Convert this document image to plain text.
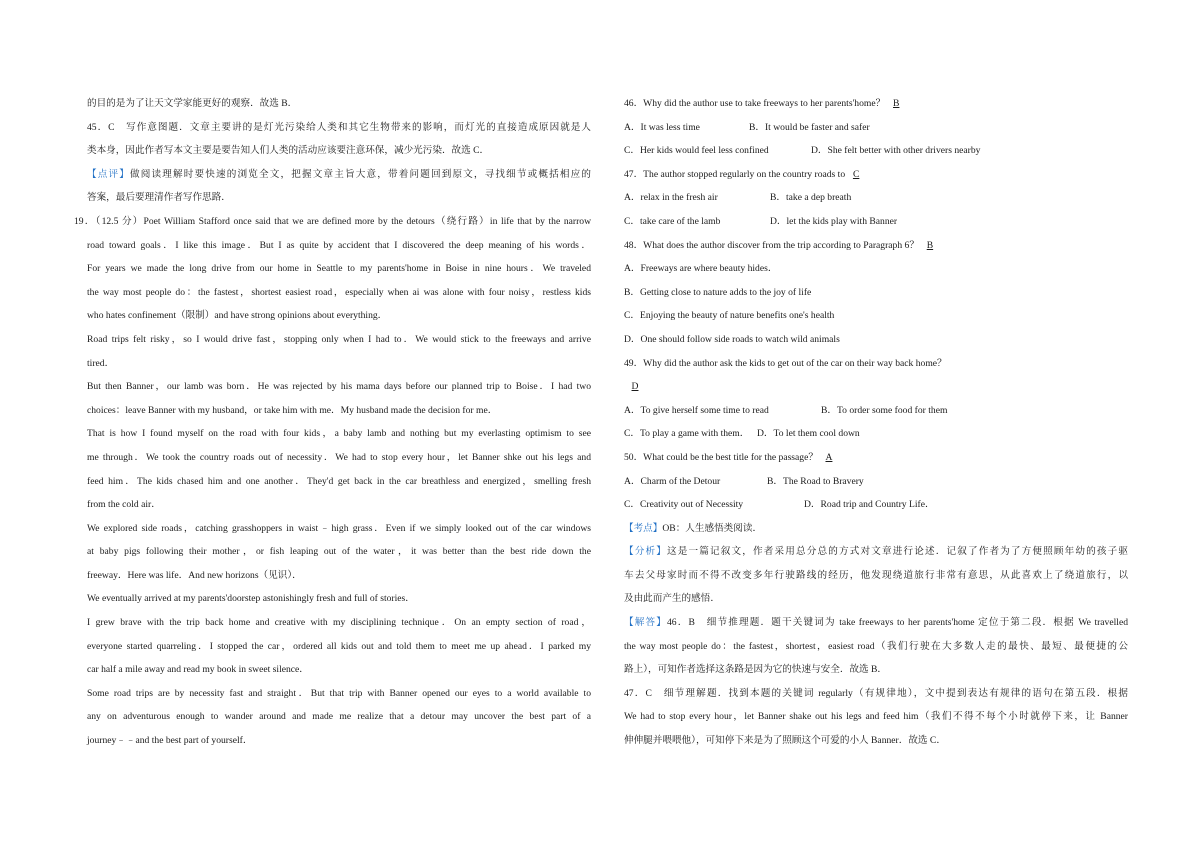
的目的是为了让天文学家能更好的观察．故选 B．
45．C　写作意图题．文章主要讲的是灯光污染给人类和其它生物带来的影响，而灯光的直接造成原因就是人
类本身，因此作者写本文主要是要告知人们人类的活动应该要注意环保，减少光污染．故选 C．
【点评】做阅读理解时要快速的浏览全文，把握文章主旨大意，带着问题回到原文，寻找细节或概括相应的
答案，最后要理清作者写作思路．
19．（12.5 分）Poet William Stafford once said that we are defined more by the detours（绕行路）in life that by the narrow
road toward goals．I like this image．But I as quite by accident that I discovered the deep meaning of his words．
For years we made the long drive from our home in Seattle to my parents'home in Boise in nine hours．We traveled
the way most people do：the fastest，shortest easiest road，especially when ai was alone with four noisy，restless kids
who hates confinement（限制）and have strong opinions about everything．
Road trips felt risky，so I would drive fast，stopping only when I had to．We would stick to the freeways and arrive
tired．
But then Banner，our lamb was born．He was rejected by his mama days before our planned trip to Boise．I had two
choices：leave Banner with my husband，or take him with me．My husband made the decision for me．
That is how I found myself on the road with four kids，a baby lamb and nothing but my everlasting optimism to see
me through．We took the country roads out of necessity．We had to stop every hour，let Banner shke out his legs and
feed him．The kids chased him and one another．They'd get back in the car breathless and energized，smelling fresh
from the cold air．
We explored side roads，catching grasshoppers in waist﹣high grass．Even if we simply looked out of the car windows
at baby pigs following their mother，or fish leaping out of the water，it was better than the best ride down the
freeway．Here was life．And new horizons（见识）．
We eventually arrived at my parents'doorstep astonishingly fresh and full of stories．
I grew brave with the trip back home and creative with my disciplining technique．On an empty section of road，
everyone started quarreling．I stopped the car，ordered all kids out and told them to meet me up ahead．I parked my
car half a mile away and read my book in sweet silence．
Some road trips are by necessity fast and straight．But that trip with Banner opened our eyes to a world available to
any on adventurous enough to wander around and made me realize that a detour may uncover the best part of a
journey﹣﹣and the best part of yourself．
46．Why did the author use to take freeways to her parents'home？ B
A．It was less time	B．It would be faster and safer
C．Her kids would feel less confined	D．She felt better with other drivers nearby
47．The author stopped regularly on the country roads to C
A．relax in the fresh air	B．take a dep breath
C．take care of the lamb	D．let the kids play with Banner
48．What does the author discover from the trip according to Paragraph 6？ B
A．Freeways are where beauty hides．
B．Getting close to nature adds to the joy of life
C．Enjoying the beauty of nature benefits one's health
D．One should follow side roads to watch wild animals
49．Why did the author ask the kids to get out of the car on their way back home？
D
A．To give herself some time to read	B．To order some food for them
C．To play a game with them． D．To let them cool down
50．What could be the best title for the passage？ A
A．Charm of the Detour	B．The Road to Bravery
C．Creativity out of Necessity	D．Road trip and Country Life．
【考点】OB：人生感悟类阅读．
【分析】这是一篇记叙文，作者采用总分总的方式对文章进行论述．记叙了作者为了方便照顾年幼的孩子驱
车去父母家时而不得不改变多年行驶路线的经历，他发现绕道旅行非常有意思，从此喜欢上了绕道旅行，以
及由此而产生的感悟．
【解答】46．B　细节推理题．题干关键词为 take freeways to her parents'home 定位于第二段．根据 We travelled
the way most people do：the fastest，shortest，easiest road（我们行驶在大多数人走的最快、最短、最便捷的公
路上），可知作者选择这条路是因为它的快速与安全．故选 B．
47．C　细节理解题．找到本题的关键词 regularly（有规律地），文中提到表达有规律的语句在第五段．根据
We had to stop every hour，let Banner shake out his legs and feed him（我们不得不每个小时就停下来，让 Banner
伸伸腿并喂喂他），可知停下来是为了照顾这个可爱的小人 Banner．故选 C．
